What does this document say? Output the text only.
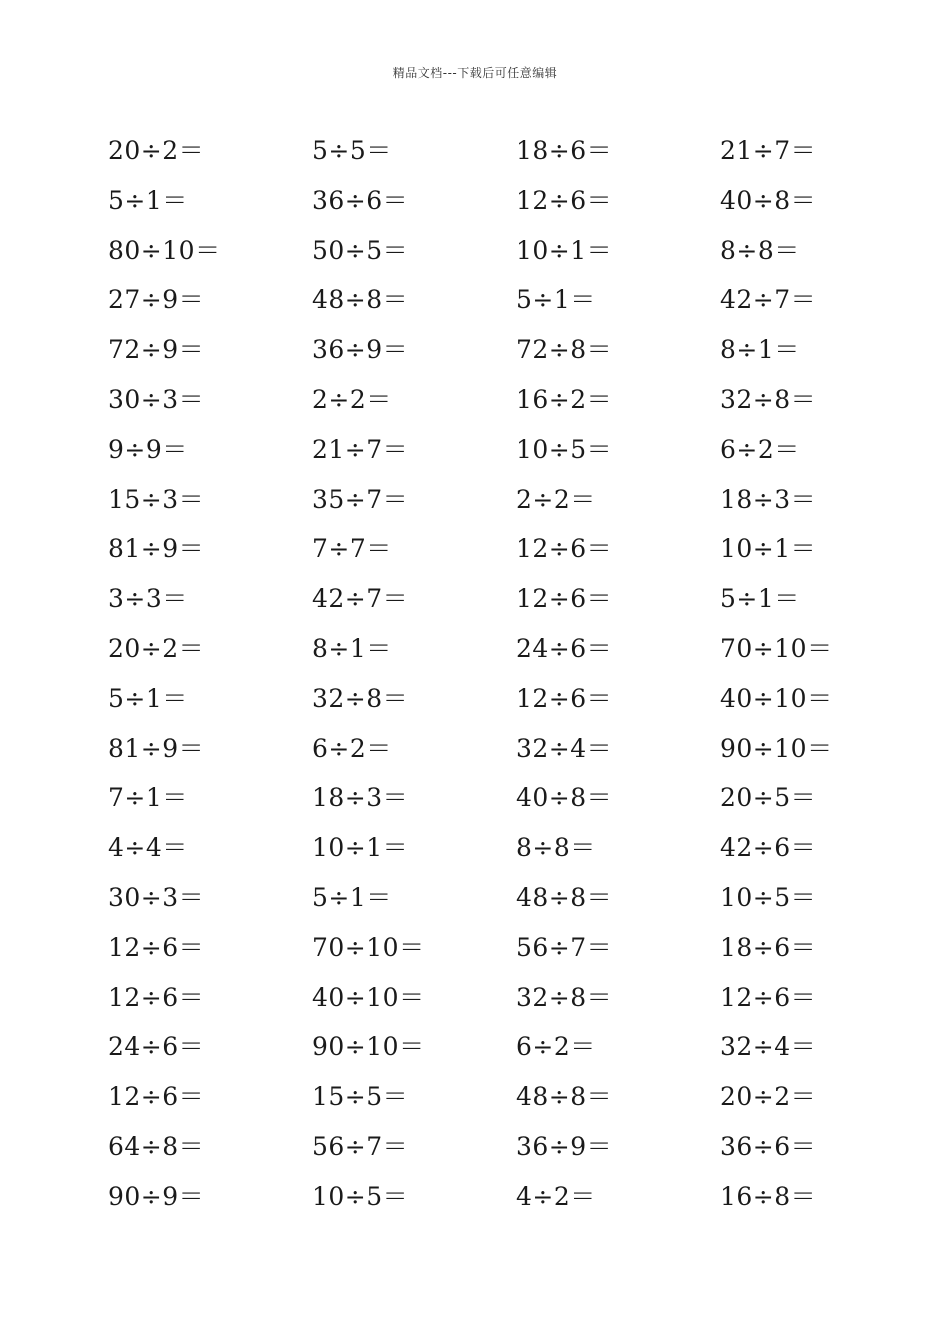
精品文档---下载后可任意编辑
20÷2＝	5÷5＝	18÷6＝	21÷7＝
5÷1＝	36÷6＝	12÷6＝	40÷8＝
80÷10＝	50÷5＝	10÷1＝	8÷8＝
27÷9＝	48÷8＝	5÷1＝	42÷7＝
72÷9＝	36÷9＝	72÷8＝	8÷1＝
30÷3＝	2÷2＝	16÷2＝	32÷8＝
9÷9＝	21÷7＝	10÷5＝	6÷2＝
15÷3＝	35÷7＝	2÷2＝	18÷3＝
81÷9＝	7÷7＝	12÷6＝	10÷1＝
3÷3＝	42÷7＝	12÷6＝	5÷1＝
20÷2＝	8÷1＝	24÷6＝	70÷10＝
5÷1＝	32÷8＝	12÷6＝	40÷10＝
81÷9＝	6÷2＝	32÷4＝	90÷10＝
7÷1＝	18÷3＝	40÷8＝	20÷5＝
4÷4＝	10÷1＝	8÷8＝	42÷6＝
30÷3＝	5÷1＝	48÷8＝	10÷5＝
12÷6＝	70÷10＝	56÷7＝	18÷6＝
12÷6＝	40÷10＝	32÷8＝	12÷6＝
24÷6＝	90÷10＝	6÷2＝	32÷4＝
12÷6＝	15÷5＝	48÷8＝	20÷2＝
64÷8＝	56÷7＝	36÷9＝	36÷6＝
90÷9＝	10÷5＝	4÷2＝	16÷8＝
